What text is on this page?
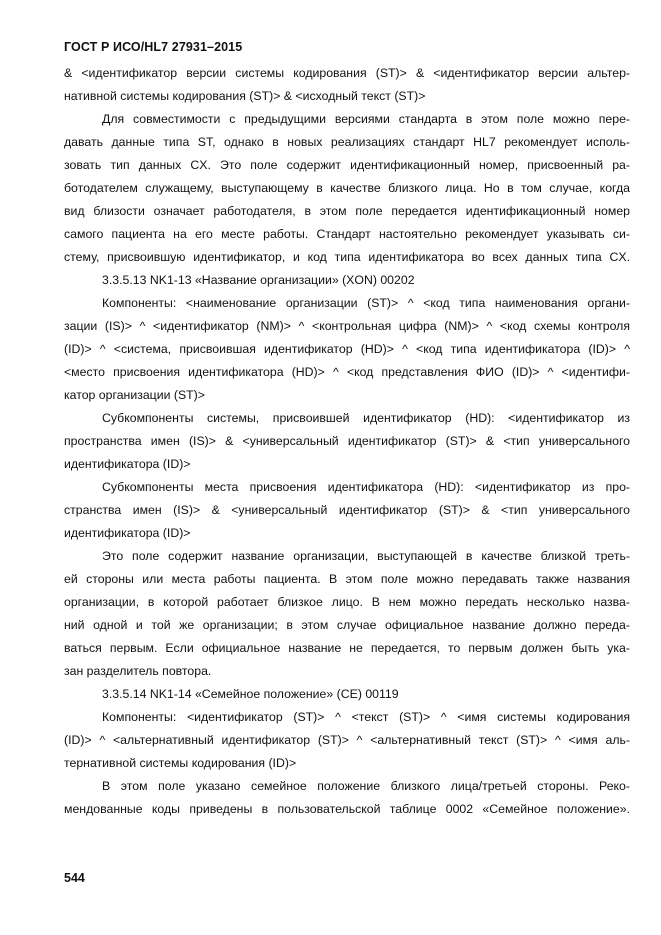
ГОСТ Р ИСО/HL7 27931–2015
& <идентификатор версии системы кодирования (ST)> & <идентификатор версии альтер-
нативной системы кодирования (ST)> & <исходный текст (ST)>
Для совместимости с предыдущими версиями стандарта в этом поле можно пере-
давать данные типа ST, однако в новых реализациях стандарт HL7 рекомендует исполь-
зовать тип данных CX. Это поле содержит идентификационный номер, присвоенный ра-
ботодателем служащему, выступающему в качестве близкого лица. Но в том случае, когда
вид близости означает работодателя, в этом поле передается идентификационный номер
самого пациента на его месте работы. Стандарт настоятельно рекомендует указывать си-
стему, присвоившую идентификатор, и код типа идентификатора во всех данных типа CX.
3.3.5.13 NK1-13 «Название организации» (XON) 00202
Компоненты: <наименование организации (ST)> ^ <код типа наименования органи-
зации (IS)> ^ <идентификатор (NM)> ^ <контрольная цифра (NM)> ^ <код схемы контроля
(ID)> ^ <система, присвоившая идентификатор (HD)> ^ <код типа идентификатора (ID)> ^
<место присвоения идентификатора (HD)> ^ <код представления ФИО (ID)> ^ <идентифи-
катор организации (ST)>
Субкомпоненты системы, присвоившей идентификатор (HD): <идентификатор из
пространства имен (IS)> & <универсальный идентификатор (ST)> & <тип универсального
идентификатора (ID)>
Субкомпоненты места присвоения идентификатора (HD): <идентификатор из про-
странства имен (IS)> & <универсальный идентификатор (ST)> & <тип универсального
идентификатора (ID)>
Это поле содержит название организации, выступающей в качестве близкой треть-
ей стороны или места работы пациента. В этом поле можно передавать также названия
организации, в которой работает близкое лицо. В нем можно передать несколько назва-
ний одной и той же организации; в этом случае официальное название должно переда-
ваться первым. Если официальное название не передается, то первым должен быть ука-
зан разделитель повтора.
3.3.5.14 NK1-14 «Семейное положение» (CE) 00119
Компоненты: <идентификатор (ST)> ^ <текст (ST)> ^ <имя системы кодирования
(ID)> ^ <альтернативный идентификатор (ST)> ^ <альтернативный текст (ST)> ^ <имя аль-
тернативной системы кодирования (ID)>
В этом поле указано семейное положение близкого лица/третьей стороны. Реко-
мендованные коды приведены в пользовательской таблице 0002 «Семейное положение».
544
